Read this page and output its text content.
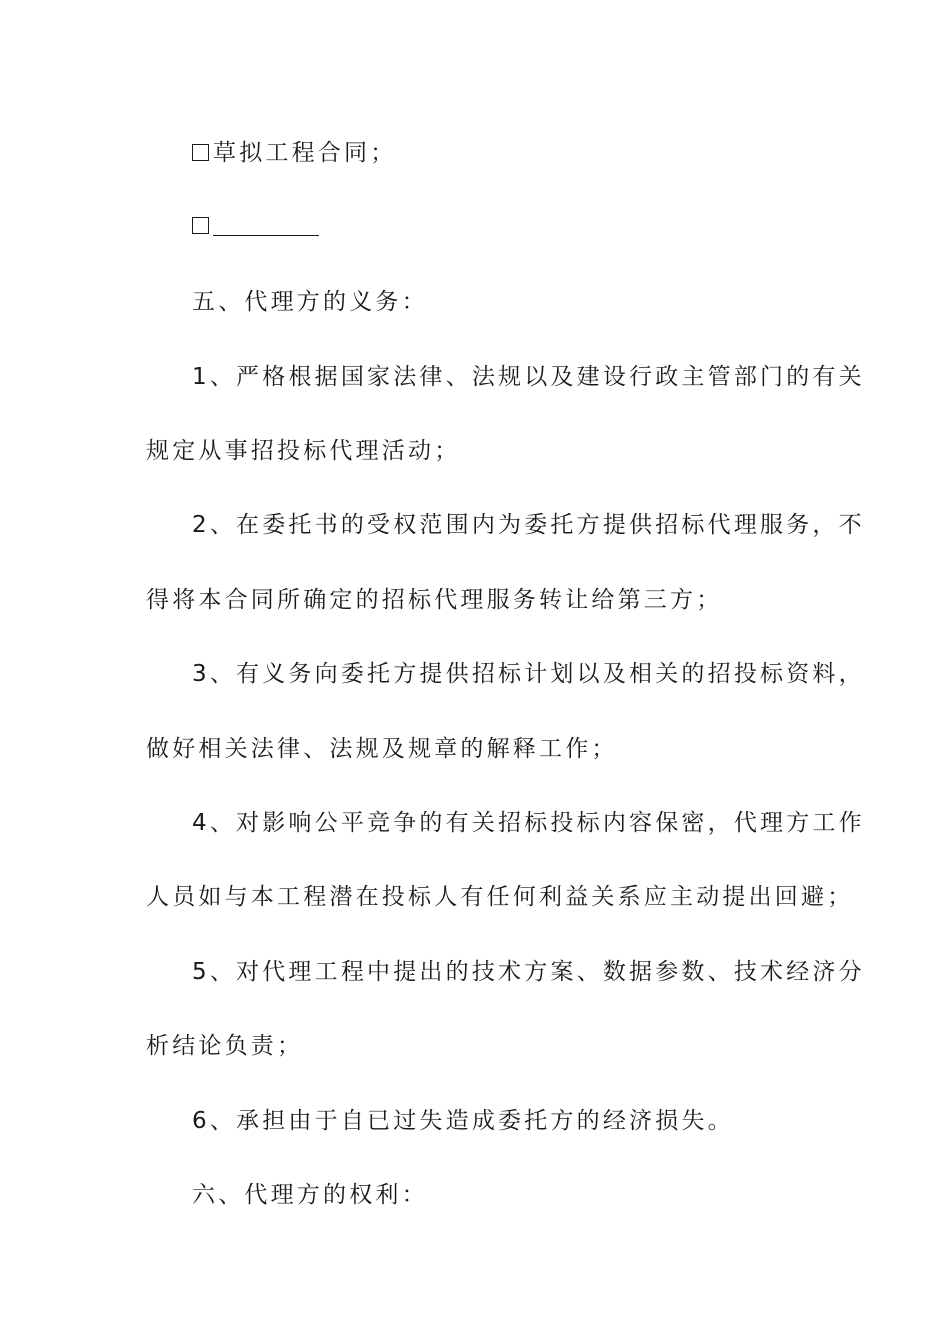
草拟工程合同；
五、代理方的义务：
1、严格根据国家法律、法规以及建设行政主管部门的有关
规定从事招投标代理活动；
2、在委托书的受权范围内为委托方提供招标代理服务，不
得将本合同所确定的招标代理服务转让给第三方；
3、有义务向委托方提供招标计划以及相关的招投标资料，
做好相关法律、法规及规章的解释工作；
4、对影响公平竞争的有关招标投标内容保密，代理方工作
人员如与本工程潜在投标人有任何利益关系应主动提出回避；
5、对代理工程中提出的技术方案、数据参数、技术经济分
析结论负责；
6、承担由于自已过失造成委托方的经济损失。
六、代理方的权利：
